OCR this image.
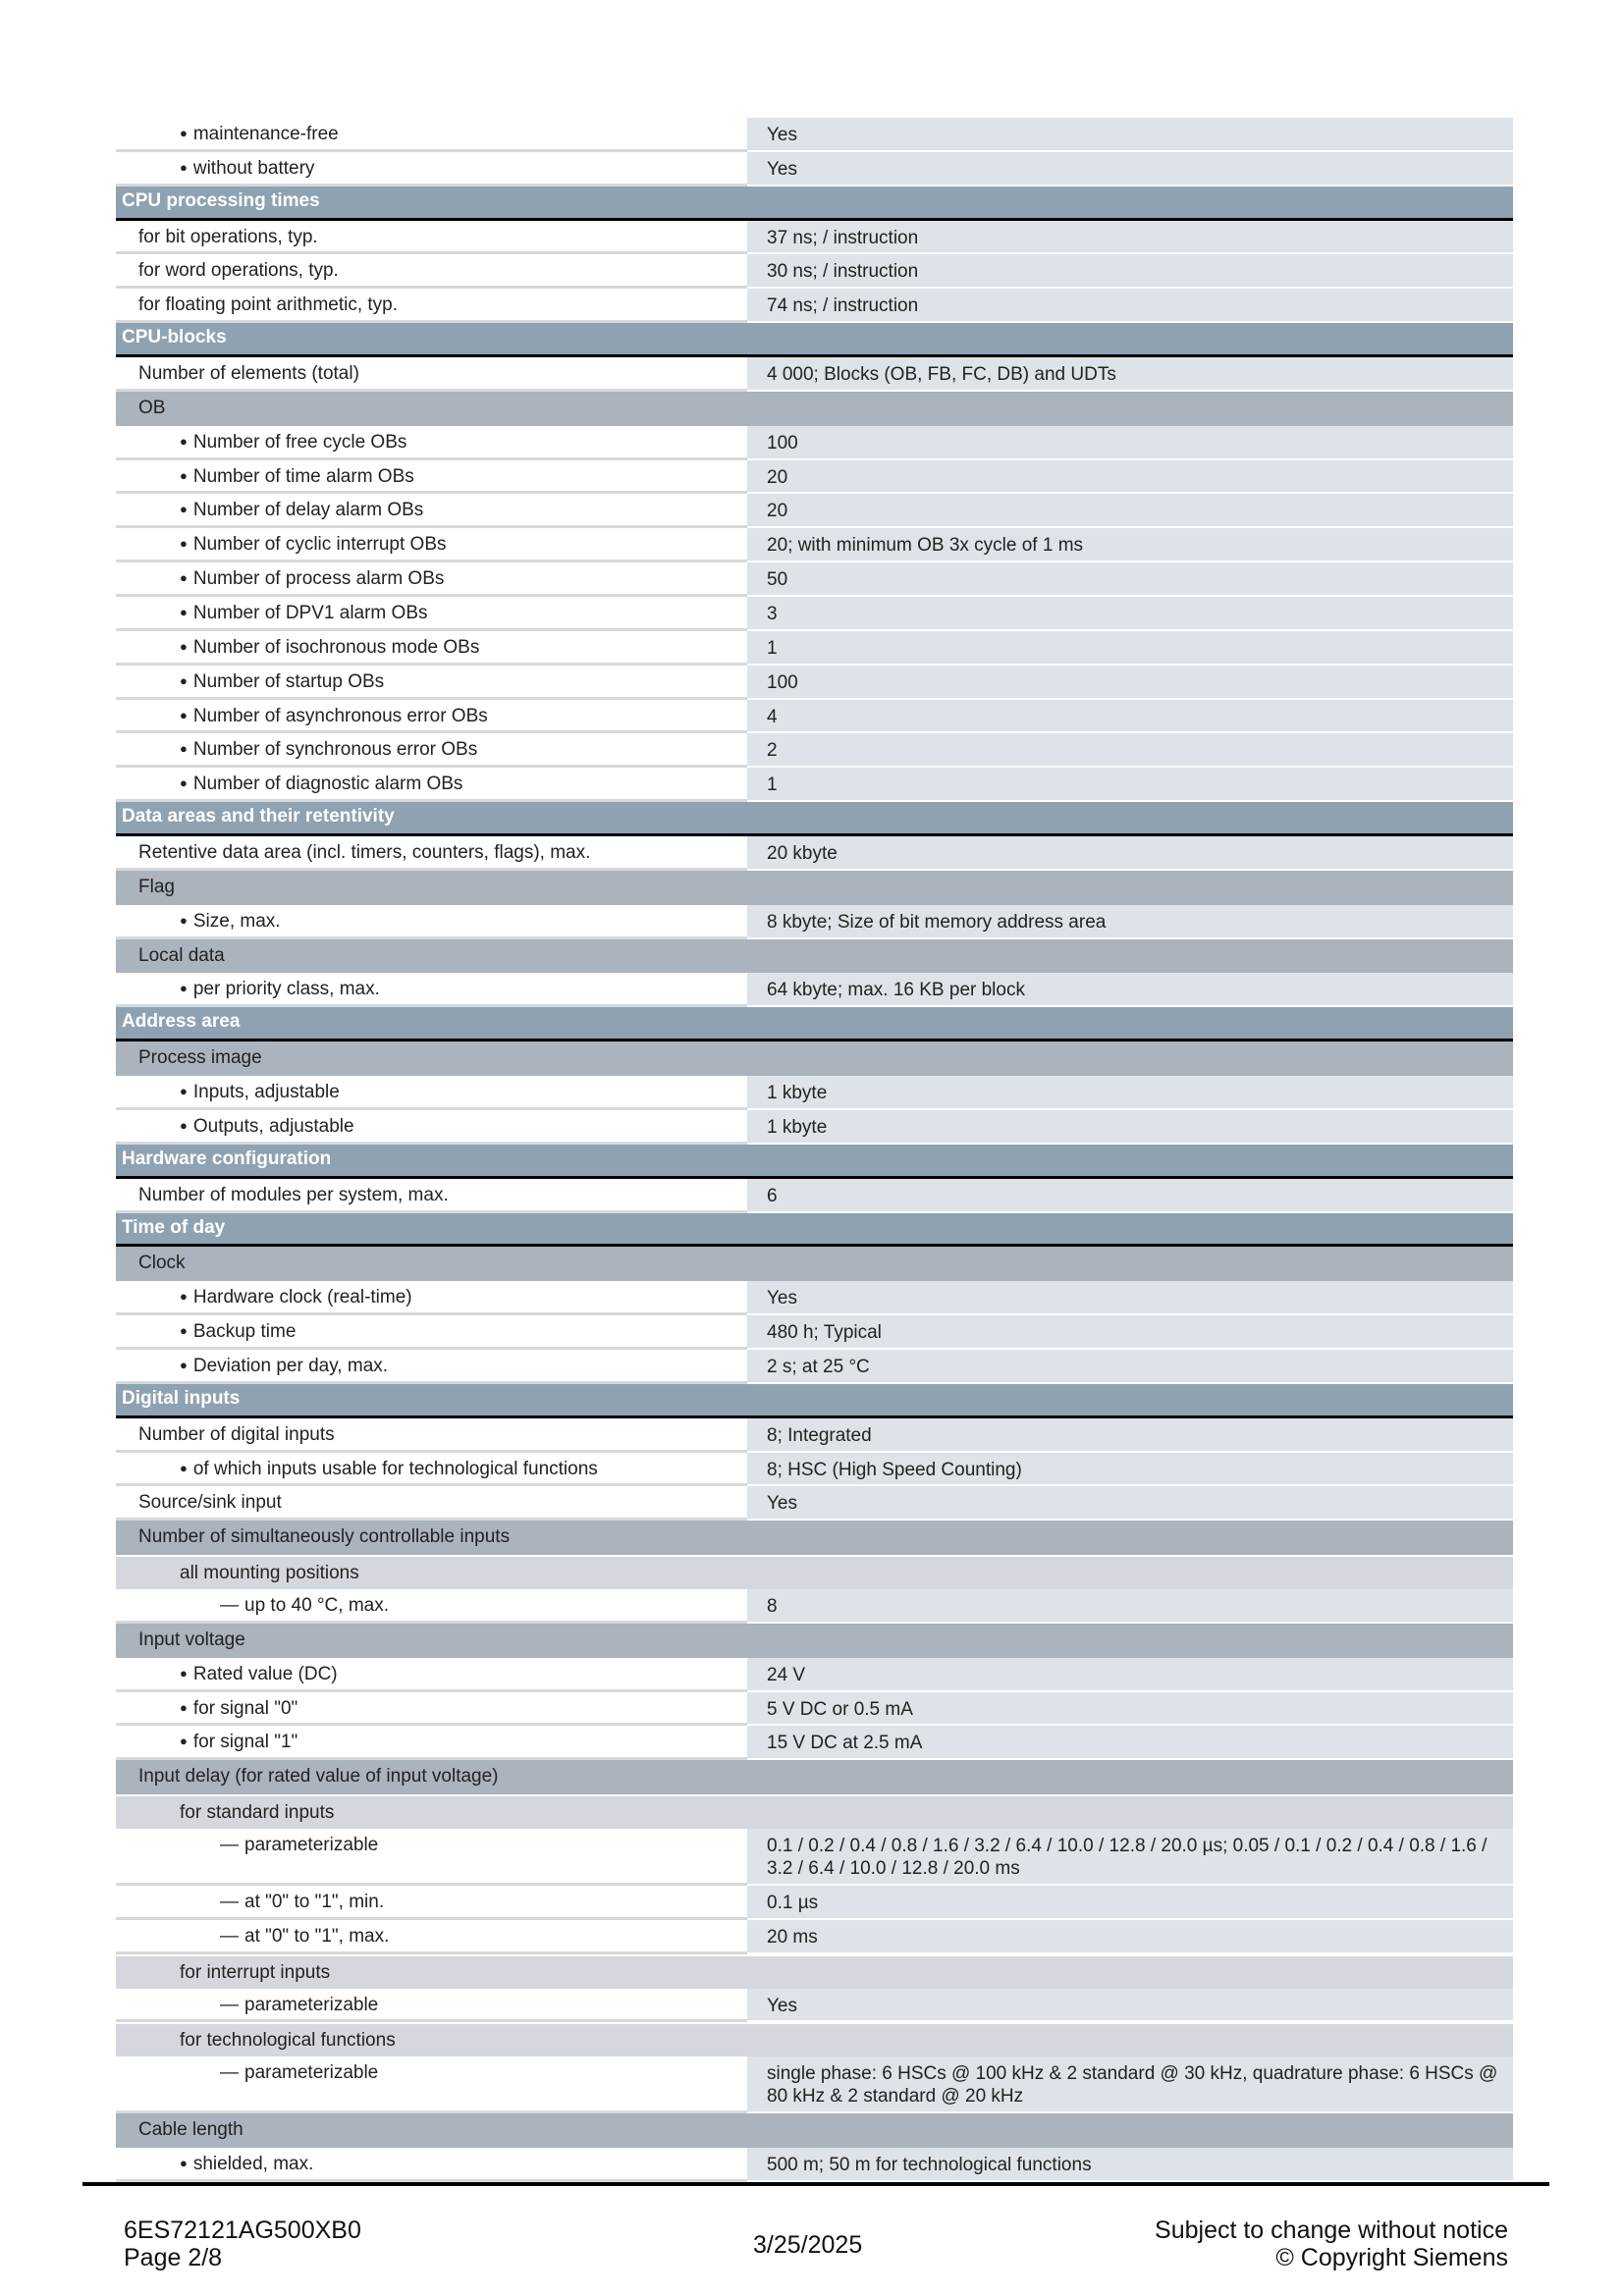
● maintenance-free	Yes
● without battery	Yes
CPU processing times
for bit operations, typ.	37 ns; / instruction
for word operations, typ.	30 ns; / instruction
for floating point arithmetic, typ.	74 ns; / instruction
CPU-blocks
Number of elements (total)	4 000; Blocks (OB, FB, FC, DB) and UDTs
OB
● Number of free cycle OBs	100
● Number of time alarm OBs	20
● Number of delay alarm OBs	20
● Number of cyclic interrupt OBs	20; with minimum OB 3x cycle of 1 ms
● Number of process alarm OBs	50
● Number of DPV1 alarm OBs	3
● Number of isochronous mode OBs	1
● Number of startup OBs	100
● Number of asynchronous error OBs	4
● Number of synchronous error OBs	2
● Number of diagnostic alarm OBs	1
Data areas and their retentivity
Retentive data area (incl. timers, counters, flags), max.	20 kbyte
Flag
● Size, max.	8 kbyte; Size of bit memory address area
Local data
● per priority class, max.	64 kbyte; max. 16 KB per block
Address area
Process image
● Inputs, adjustable	1 kbyte
● Outputs, adjustable	1 kbyte
Hardware configuration
Number of modules per system, max.	6
Time of day
Clock
● Hardware clock (real-time)	Yes
● Backup time	480 h; Typical
● Deviation per day, max.	2 s; at 25 °C
Digital inputs
Number of digital inputs	8; Integrated
● of which inputs usable for technological functions	8; HSC (High Speed Counting)
Source/sink input	Yes
Number of simultaneously controllable inputs
all mounting positions
— up to 40 °C, max.	8
Input voltage
● Rated value (DC)	24 V
● for signal "0"	5 V DC or 0.5 mA
● for signal "1"	15 V DC at 2.5 mA
Input delay (for rated value of input voltage)
for standard inputs
— parameterizable	0.1 / 0.2 / 0.4 / 0.8 / 1.6 / 3.2 / 6.4 / 10.0 / 12.8 / 20.0 µs; 0.05 / 0.1 / 0.2 / 0.4 / 0.8 / 1.6 / 3.2 / 6.4 / 10.0 / 12.8 / 20.0 ms
— at "0" to "1", min.	0.1 µs
— at "0" to "1", max.	20 ms
for interrupt inputs
— parameterizable	Yes
for technological functions
— parameterizable	single phase: 6 HSCs @ 100 kHz & 2 standard @ 30 kHz, quadrature phase: 6 HSCs @ 80 kHz & 2 standard @ 20 kHz
Cable length
● shielded, max.	500 m; 50 m for technological functions
6ES72121AG500XB0
Page 2/8	3/25/2025
Subject to change without notice
© Copyright Siemens
